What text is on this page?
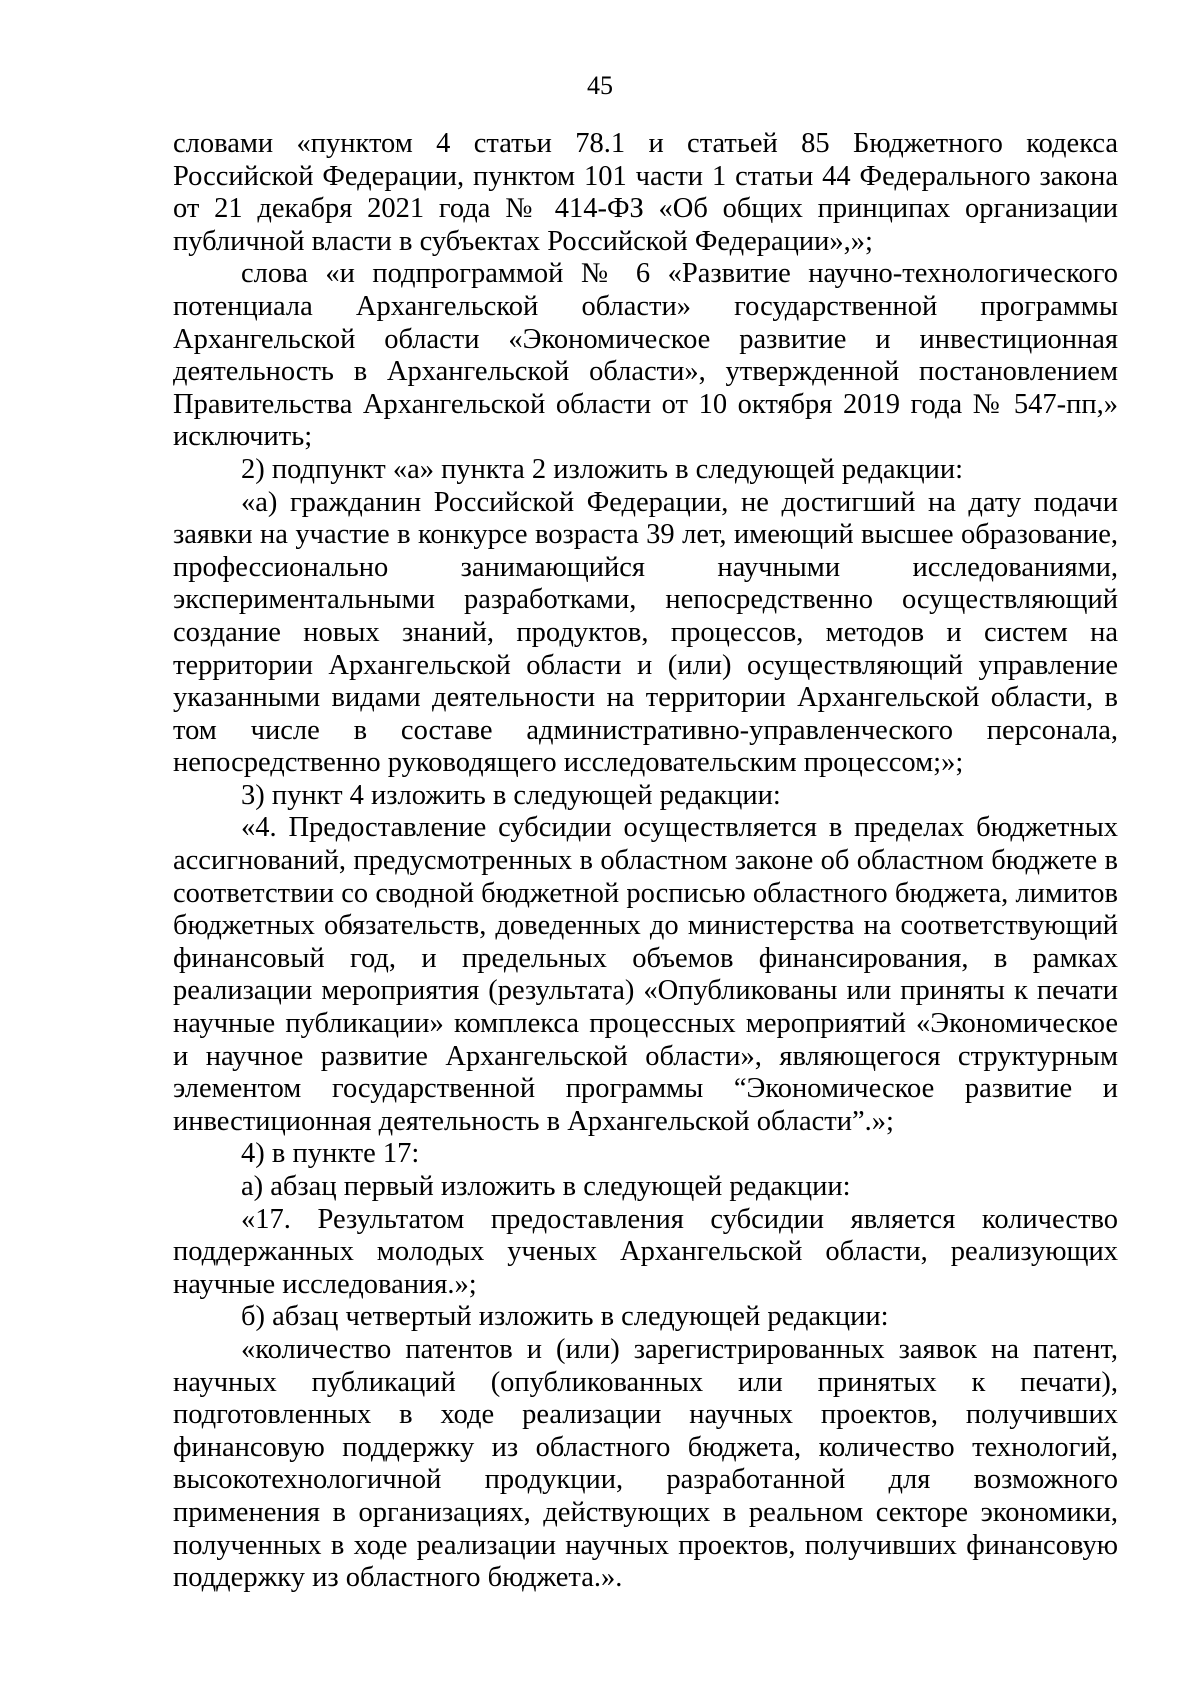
45

словами «пунктом 4 статьи 78.1 и статьей 85 Бюджетного кодекса Российской Федерации, пунктом 101 части 1 статьи 44 Федерального закона от 21 декабря 2021 года № 414-ФЗ «Об общих принципах организации публичной власти в субъектах Российской Федерации»,»;

слова «и подпрограммой № 6 «Развитие научно-технологического потенциала Архангельской области» государственной программы Архангельской области «Экономическое развитие и инвестиционная деятельность в Архангельской области», утвержденной постановлением Правительства Архангельской области от 10 октября 2019 года № 547-пп,» исключить;

2) подпункт «а» пункта 2 изложить в следующей редакции:

«а) гражданин Российской Федерации, не достигший на дату подачи заявки на участие в конкурсе возраста 39 лет, имеющий высшее образование, профессионально занимающийся научными исследованиями, экспериментальными разработками, непосредственно осуществляющий создание новых знаний, продуктов, процессов, методов и систем на территории Архангельской области и (или) осуществляющий управление указанными видами деятельности на территории Архангельской области, в том числе в составе административно-управленческого персонала, непосредственно руководящего исследовательским процессом;»;

3) пункт 4 изложить в следующей редакции:

«4. Предоставление субсидии осуществляется в пределах бюджетных ассигнований, предусмотренных в областном законе об областном бюджете в соответствии со сводной бюджетной росписью областного бюджета, лимитов бюджетных обязательств, доведенных до министерства на соответствующий финансовый год, и предельных объемов финансирования, в рамках реализации мероприятия (результата) «Опубликованы или приняты к печати научные публикации» комплекса процессных мероприятий «Экономическое и научное развитие Архангельской области», являющегося структурным элементом государственной программы “Экономическое развитие и инвестиционная деятельность в Архангельской области”.»;

4) в пункте 17:

а) абзац первый изложить в следующей редакции:

«17. Результатом предоставления субсидии является количество поддержанных молодых ученых Архангельской области, реализующих научные исследования.»;

б) абзац четвертый изложить в следующей редакции:

«количество патентов и (или) зарегистрированных заявок на патент, научных публикаций (опубликованных или принятых к печати), подготовленных в ходе реализации научных проектов, получивших финансовую поддержку из областного бюджета, количество технологий, высокотехнологичной продукции, разработанной для возможного применения в организациях, действующих в реальном секторе экономики, полученных в ходе реализации научных проектов, получивших финансовую поддержку из областного бюджета.».
